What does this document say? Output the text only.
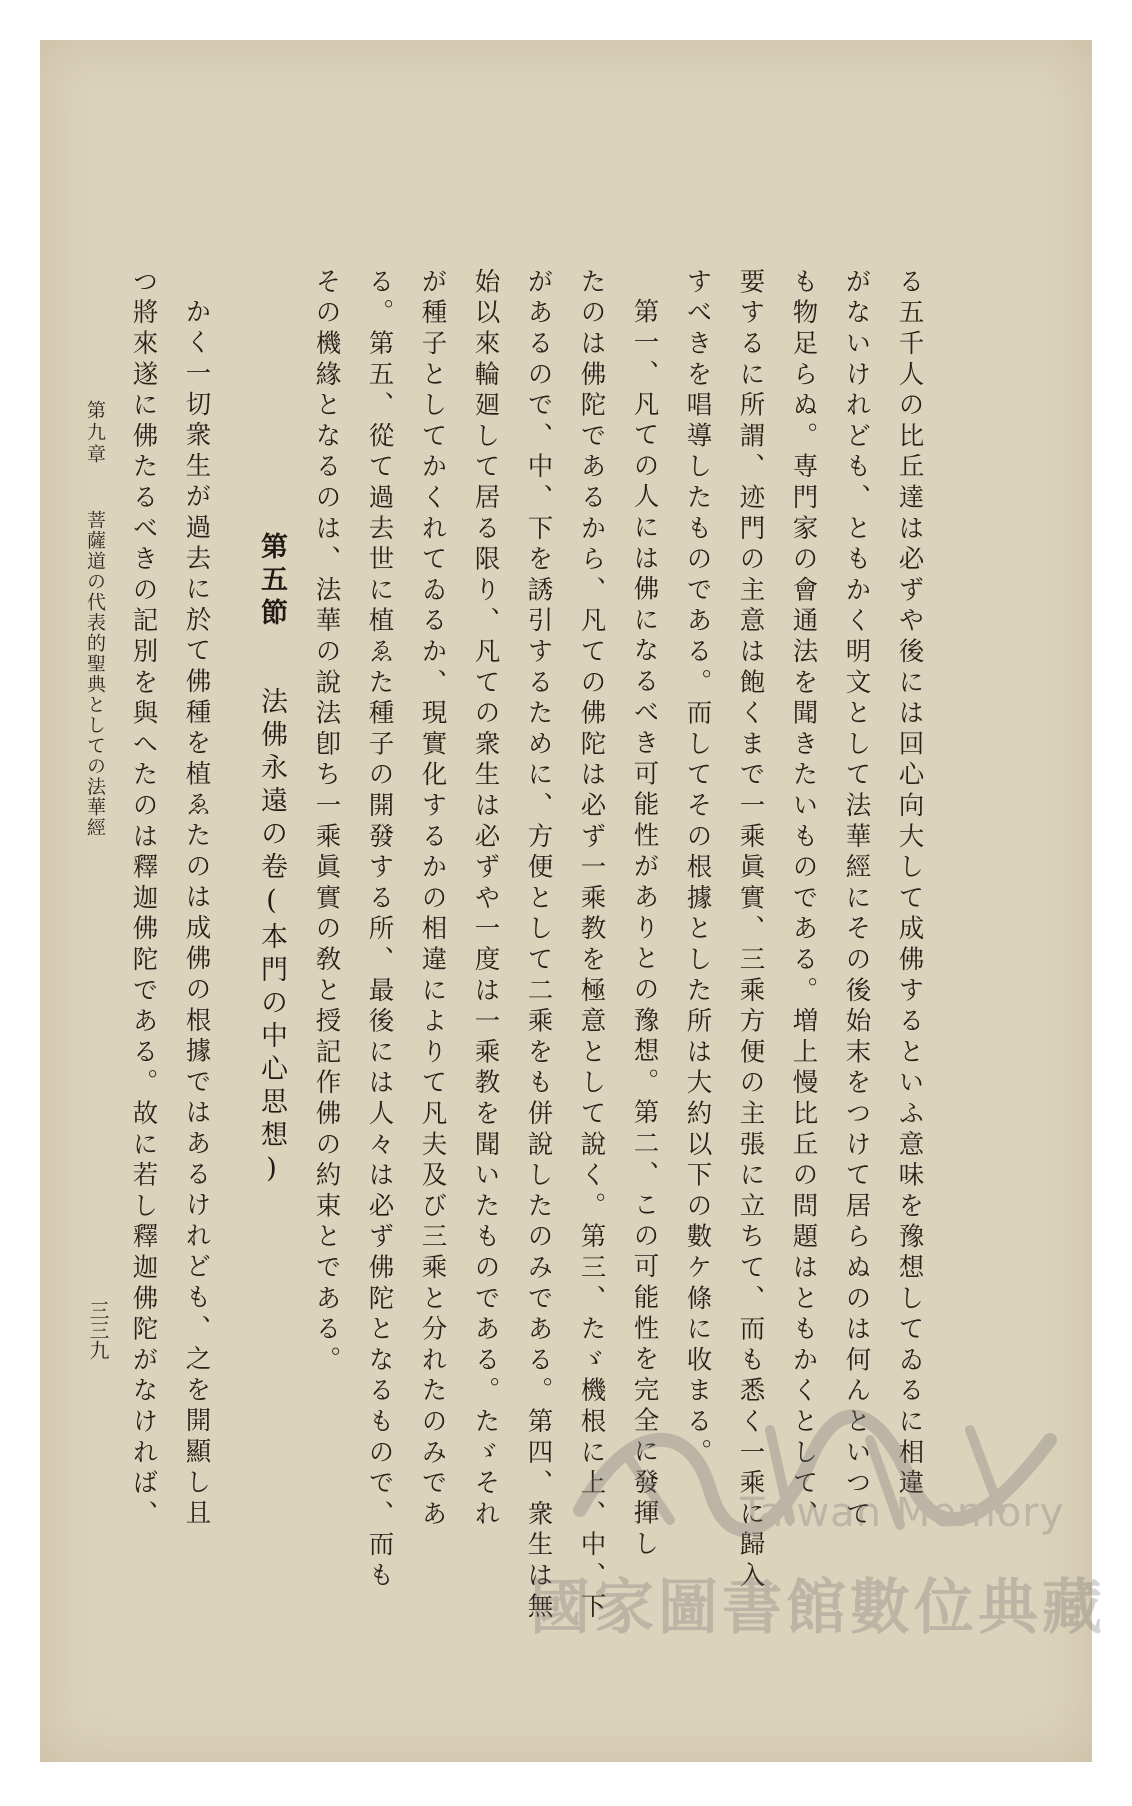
る五千人の比丘達は必ずや後には回心向大して成佛するといふ意味を豫想してゐるに相違
がないけれども、ともかく明文として法華經にその後始末をつけて居らぬのは何んといつて
も物足らぬ。専門家の會通法を聞きたいものである。増上慢比丘の問題はともかくとして、
要するに所謂、迹門の主意は飽くまで一乘眞實、三乘方便の主張に立ちて、而も悉く一乘に歸入
すべきを唱導したものである。而してその根據とした所は大約以下の數ケ條に收まる。
第一、凡ての人には佛になるべき可能性がありとの豫想。第二、この可能性を完全に發揮し
たのは佛陀であるから、凡ての佛陀は必ず一乘教を極意として說く。第三、たゞ機根に上、中、下
があるので、中、下を誘引するために、方便として二乘をも併說したのみである。第四、衆生は無
始以來輪廻して居る限り、凡ての衆生は必ずや一度は一乘教を聞いたものである。たゞそれ
が種子としてかくれてゐるか、現實化するかの相違によりて凡夫及び三乘と分れたのみであ
る。第五、從て過去世に植ゑた種子の開發する所、最後には人々は必ず佛陀となるもので、而も
その機緣となるのは、法華の說法卽ち一乘眞實の敎と授記作佛の約束とである。
第五節法佛永遠の卷(本門の中心思想)
かく一切衆生が過去に於て佛種を植ゑたのは成佛の根據ではあるけれども、之を開顯し且
つ將來遂に佛たるべきの記別を與へたのは釋迦佛陀である。故に若し釋迦佛陀がなければ、
第九章菩薩道の代表的聖典としての法華經
三三九
Taiwan Memory
國家圖書館數位典藏
